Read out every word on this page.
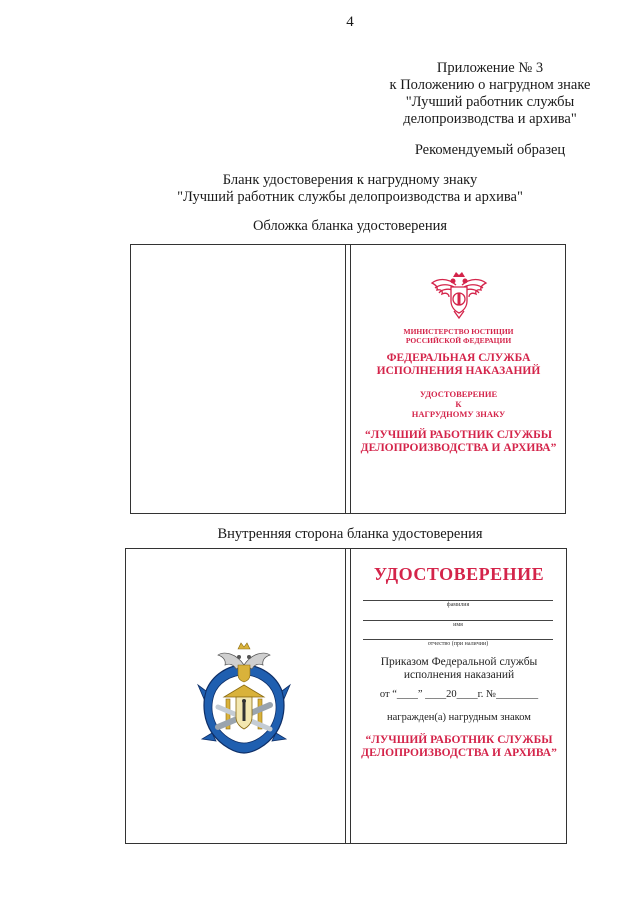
4
Приложение № 3
к Положению о нагрудном знаке
"Лучший работник службы
делопроизводства и архива"
Рекомендуемый образец
Бланк удостоверения к нагрудному знаку
"Лучший работник службы делопроизводства и архива"
Обложка бланка удостоверения
МИНИСТЕРСТВО ЮСТИЦИИ
РОССИЙСКОЙ ФЕДЕРАЦИИ
ФЕДЕРАЛЬНАЯ СЛУЖБА
ИСПОЛНЕНИЯ НАКАЗАНИЙ
УДОСТОВЕРЕНИЕ
К
НАГРУДНОМУ ЗНАКУ
“ЛУЧШИЙ РАБОТНИК СЛУЖБЫ
ДЕЛОПРОИЗВОДСТВА И АРХИВА”
Внутренняя сторона бланка удостоверения
УДОСТОВЕРЕНИЕ
фамилия
имя
отчество (при наличии)
Приказом Федеральной службы
исполнения наказаний
от “____” ____20____г. №________
награжден(а) нагрудным знаком
“ЛУЧШИЙ РАБОТНИК СЛУЖБЫ
ДЕЛОПРОИЗВОДСТВА И АРХИВА”
